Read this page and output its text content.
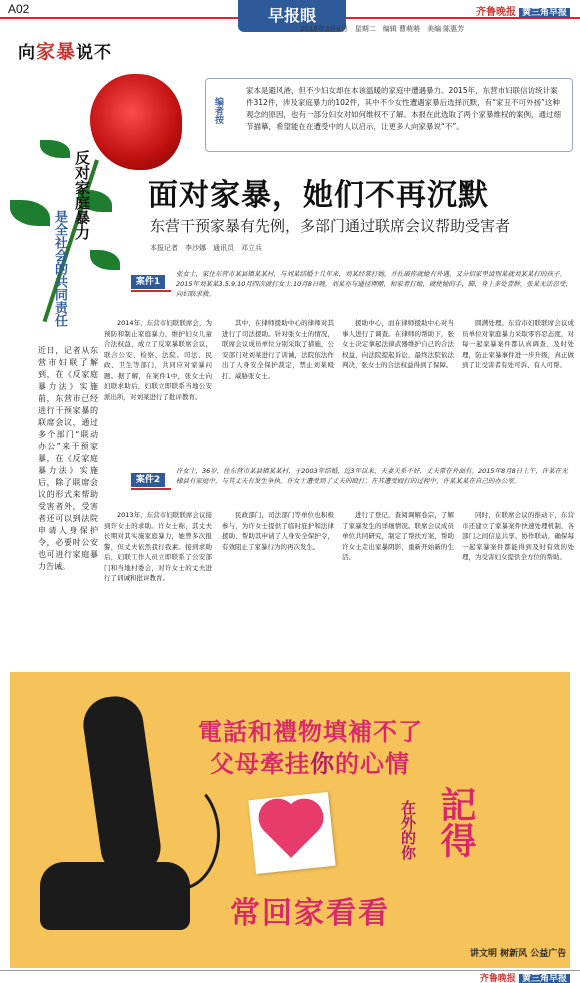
A02	早报眼	齐鲁晚报 黄三角早报
向家暴说不
2016年3月8日　星期二　编辑 曹萌萌　美编 陈惠芳
反对家庭暴力
是全社会的共同责任
家本是避风港，但不少妇女却在本该温暖的家庭中遭遇暴力。2015年，东营市妇联信访统计案件312件，涉及家庭暴力的102件，其中不少女性遭遇家暴后选择沉默，有“家丑不可外扬”这种观念的原因，也有一部分妇女对如何维权不了解。本报在此选取了两个家暴维权的案例，通过细节描摹，希望能在在遭受中的人以启示，让更多人向家暴说“不”。
编者按
面对家暴，她们不再沉默
东营干预家暴有先例，多部门通过联席会议帮助受害者
本报记者　李沙娜　通讯员　邓立兵
案件1
张女士，家住东营市某县镇某某村，与刘某结婚十几年来，刘某经常打她，并扎破你就她有外遇，又分招家里请别某就刘某某打的孩子。2015年刘某某3.5.9.10月四次就打女士.10月8日晚，刘某亦与通径理赌，和家者打她，就使她的手，脚，身上多处青肿，张某无法忍受，向妇联求救。
近日，记者从东营市妇联了解到，在《反家庭暴力法》实施前，东营市已经进行干预家暴的联席会议，通过多个部门“联动办公”来干预家暴，在《反家庭暴力法》实施后，除了联席会议的形式来帮助受害者外，受害者还可以到法院申请人身保护令，必要时公安也可进行家庭暴力告诫。

2014年，东营市妇联联席会，为预防和制止家庭暴力，维护妇女儿童合法权益，成立了反家暴联席会议，联合公安、检察、法院、司法、民政、卫生等部门，共同应对家暴问题。据了解，在案件1中，张女士向妇联求助后，妇联立即联系当地公安派出所，对刘某进行了批评教育。

其中，在律师援助中心的律师对其进行了司法援助。针对张女士的情况，联席会议成员单位分别采取了措施，公安部门对刘某进行了训诫，法院依法作出了人身安全保护裁定，禁止刘某殴打、威胁张女士。

援助中心，而在律师援助中心对当事人进行了调查。在律师的帮助下，张女士决定拿起法律武器维护自己的合法权益，向法院提起诉讼，最终法院依法判决，张女士的合法权益得到了保障。

圆满处理。东营市妇联联席会议成员单位对家庭暴力采取零容忍态度，对每一起家暴案件都认真调查、及时处理，防止家暴事件进一步升级，真正做到了让受害者有处可诉、有人可帮。

案件2
许女士，36岁，住东营市某县镇某某村，于2003年结婚，近3年以来，夫妻关系不好，丈夫常在外面有。2015年8月8日上午，许某在无棣县有家庭中，与其丈夫有发生争执。许女士遭受到了丈夫的殴打；在其遭受殴打的过程中，许某某某在自己的办公室。

2013年，东营市妇联联席会议接到许女士的求助。许女士称，其丈夫长期对其实施家庭暴力，她曾多次报警，但丈夫依然我行我素。接到求助后，妇联工作人员立即联系了公安部门和当地村委会，对许女士的丈夫进行了训诫和批评教育。

民政部门、司法部门等单位也积极参与，为许女士提供了临时庇护和法律援助，帮助其申请了人身安全保护令，有效阻止了家暴行为的再次发生。

进行了登记，查阅调解卷宗，了解了家暴发生的详细情况。联席会议成员单位共同研究，制定了帮扶方案，帮助许女士走出家暴阴影，重新开始新的生活。

同时，在联席会议的推动下，东营市还建立了家暴案件快速处理机制，各部门之间信息共享、协作联动，确保每一起家暴案件都能得到及时有效的处理，为受害妇女提供全方位的帮助。

電話和禮物填補不了
父母牽挂你的心情
在外的你 記得
常回家看看
讲文明 树新风 公益广告
齐鲁晚报 黄三角早报
